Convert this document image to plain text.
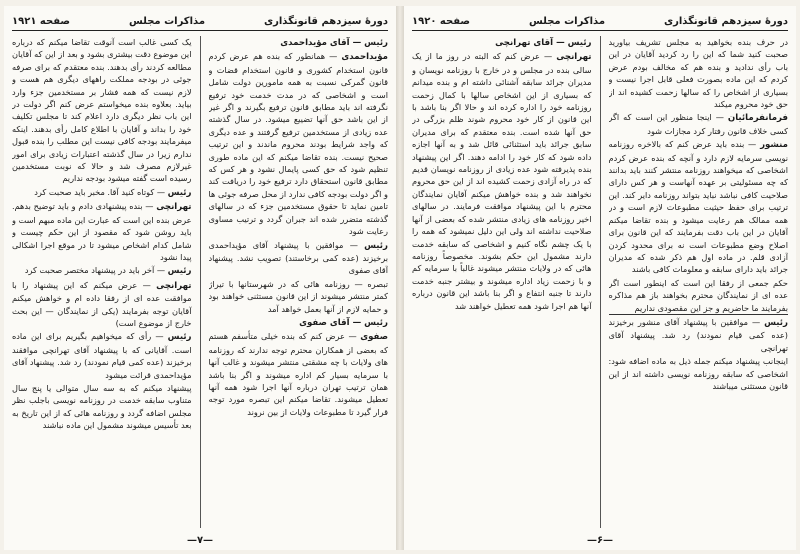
دورهٔ سیزدهم قانونگذاری
مذاکرات مجلس
صفحه ۱۹۲۱

رئیس — آقای مؤیداحمدی

مؤیداحمدی — همانطور که بنده هم عرض کردم قانون استخدام کشوری و قانون استخدام قضات و قانون گمرکی نسبت به همه مامورین دولت شامل است و اشخاصی که در مدت خدمت خود ترفیع نگرفته اند باید مطابق قانون ترفیع بگیرند و اگر غیر از این باشد حق آنها تضییع میشود. در سال گذشته عده زیادی از مستخدمین ترفیع گرفتند و عده دیگری که واجد شرایط بودند محروم ماندند و این ترتیب صحیح نیست. بنده تقاضا میکنم که این ماده طوری تنظیم شود که حق کسی پایمال نشود و هر کس که مطابق قانون استحقاق دارد ترفیع خود را دریافت کند و اگر دولت بودجه کافی ندارد از محل صرفه جوئی ها تامین نماید تا حقوق مستخدمین جزء که در سالهای گذشته متضرر شده اند جبران گردد و ترتیب مساوی رعایت شود

رئیس — موافقین با پیشنهاد آقای مؤیداحمدی برخیزند (عده کمی برخاستند) تصویب نشد. پیشنهاد آقای صفوی

تبصره — روزنامه هائی که در شهرستانها با تیراژ کمتر منتشر میشوند از این قانون مستثنی خواهند بود و حمایه لازم از آنها بعمل خواهد آمد

رئیس — آقای صفوی

صفوی — عرض کنم که بنده خیلی متأسفم هستم که بعضی از همکاران محترم توجه ندارند که روزنامه های ولایات با چه مشقتی منتشر میشوند و غالب آنها با سرمایه بسیار کم اداره میشوند و اگر بنا باشد همان ترتیب تهران درباره آنها اجرا شود همه آنها تعطیل میشوند. تقاضا میکنم این تبصره مورد توجه قرار گیرد تا مطبوعات ولایات از بین نروند

یک کسی غالب است آنوقت تقاضا میکنم که درباره این موضوع دقت بیشتری بشود و بعد از این که آقایان مطالعه کردند رأی بدهند. بنده معتقدم که برای صرفه جوئی در بودجه مملکت راههای دیگری هم هست و لازم نیست که همه فشار بر مستخدمین جزء وارد بیاید. بعلاوه بنده میخواستم عرض کنم اگر دولت در این باب نظر دیگری دارد اعلام کند تا مجلس تکلیف خود را بداند و آقایان با اطلاع کامل رأی بدهند. اینکه میفرمایند بودجه کافی نیست این مطلب را بنده قبول ندارم زیرا در سال گذشته اعتبارات زیادی برای امور غیرلازم مصرف شد و حالا که نوبت مستخدمین رسیده است گفته میشود بودجه نداریم

رئیس — کوتاه کنید آقا. مخبر باید صحبت کرد

تهرانچی — بنده پیشنهادی دادم و باید توضیح بدهم. عرض بنده این است که عبارت این ماده مبهم است و باید روشن شود که مقصود از این حکم چیست و شامل کدام اشخاص میشود تا در موقع اجرا اشکالی پیدا نشود

رئیس — آخر باید در پیشنهاد مختصر صحبت کرد

تهرانچی — عرض میکنم که این پیشنهاد را با موافقت عده ای از رفقا داده ام و خواهش میکنم آقایان توجه بفرمایند (یکی از نمایندگان — این بحث خارج از موضوع است)

رئیس — رأی که میخواهیم بگیریم برای این ماده است. آقایانی که با پیشنهاد آقای تهرانچی موافقند برخیزند (عده کمی قیام نمودند) رد شد. پیشنهاد آقای مؤیداحمدی قرائت میشود

پیشنهاد میکنم که به سه سال متوالی یا پنج سال متناوب سابقه خدمت در روزنامه نویسی باجلب نظر مجلس اضافه گردد و روزنامه هائی که از این تاریخ به بعد تأسیس میشوند مشمول این ماده نباشند

—۷—
دورهٔ سیزدهم قانونگذاری
مذاکرات مجلس
صفحه ۱۹۲۰

در حرف بنده بخواهید به مجلس تشریف بیاورید صحبت کنید شما که این را رد کردید آقایان در این باب رأی ندادید و بنده هم که مخالف بودم عرض کردم که این ماده بصورت فعلی قابل اجرا نیست و بسیاری از اشخاص را که سالها زحمت کشیده اند از حق خود محروم میکند

فرمانفرمائیان — اینجا منظور این است که اگر کسی خلاف قانون رفتار کرد مجازات شود

منشور — بنده باید عرض کنم که بالاخره روزنامه نویسی سرمایه لازم دارد و آنچه که بنده عرض کردم اشخاصی که میخواهند روزنامه منتشر کنند باید بدانند که چه مسئولیتی بر عهده آنهاست و هر کس دارای صلاحیت کافی نباشد نباید بتواند روزنامه دایر کند. این ترتیب برای حفظ حیثیت مطبوعات لازم است و در همه ممالک هم رعایت میشود و بنده تقاضا میکنم آقایان در این باب دقت بفرمایند که این قانون برای اصلاح وضع مطبوعات است نه برای محدود کردن آزادی قلم. در ماده اول هم ذکر شده که مدیران جرائد باید دارای سابقه و معلومات کافی باشند

حکم جمعی از رفقا این است که اینطور است اگر عده ای از نمایندگان محترم بخواهند باز هم مذاکره بفرمایند ما حاضریم و جز این مقصودی نداریم

رئیس — موافقین با پیشنهاد آقای منشور برخیزند (عده کمی قیام نمودند) رد شد. پیشنهاد آقای تهرانچی

اینجانب پیشنهاد میکنم جمله ذیل به ماده اضافه شود: اشخاصی که سابقه روزنامه نویسی داشته اند از این قانون مستثنی میباشند

رئیس — آقای تهرانچی

تهرانچی — عرض کنم که البته در روز ما از یک سالی بنده در مجلس و در خارج با روزنامه نویسان و مدیران جرائد سابقه آشنائی داشته ام و بنده میدانم که بسیاری از این اشخاص سالها با کمال زحمت روزنامه خود را اداره کرده اند و حالا اگر بنا باشد با این قانون از کار خود محروم شوند ظلم بزرگی در حق آنها شده است. بنده معتقدم که برای مدیران سابق جرائد باید استثنائی قائل شد و به آنها اجازه داده شود که کار خود را ادامه دهند. اگر این پیشنهاد بنده پذیرفته شود عده زیادی از روزنامه نویسان قدیم که در راه آزادی زحمت کشیده اند از این حق محروم نخواهند شد و بنده خواهش میکنم آقایان نمایندگان محترم با این پیشنهاد موافقت فرمایند. در سالهای اخیر روزنامه های زیادی منتشر شده که بعضی از آنها صلاحیت نداشته اند ولی این دلیل نمیشود که همه را با یک چشم نگاه کنیم و اشخاصی که سابقه خدمت دارند مشمول این حکم بشوند. مخصوصاً روزنامه هائی که در ولایات منتشر میشوند غالباً با سرمایه کم و با زحمت زیاد اداره میشوند و بیشتر جنبه خدمت دارند تا جنبه انتفاع و اگر بنا باشد این قانون درباره آنها هم اجرا شود همه تعطیل خواهند شد

—۶—
